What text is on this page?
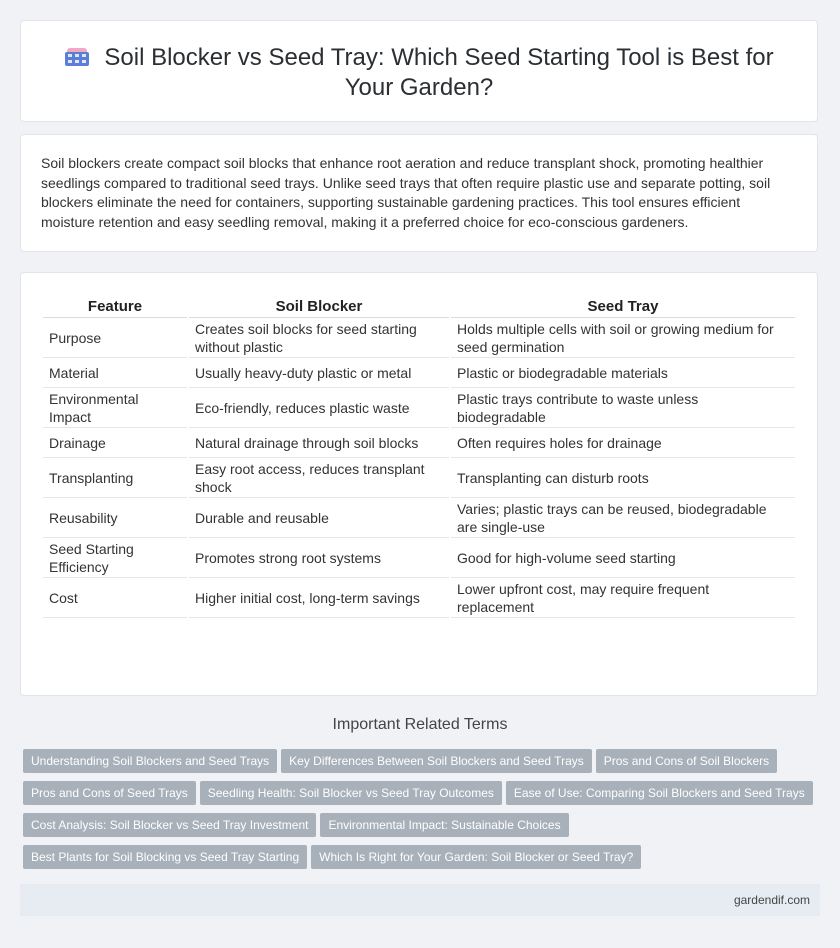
Soil Blocker vs Seed Tray: Which Seed Starting Tool is Best for Your Garden?

Soil blockers create compact soil blocks that enhance root aeration and reduce transplant shock, promoting healthier seedlings compared to traditional seed trays. Unlike seed trays that often require plastic use and separate potting, soil blockers eliminate the need for containers, supporting sustainable gardening practices. This tool ensures efficient moisture retention and easy seedling removal, making it a preferred choice for eco-conscious gardeners.

Feature	Soil Blocker	Seed Tray
Purpose	Creates soil blocks for seed starting without plastic	Holds multiple cells with soil or growing medium for seed germination
Material	Usually heavy-duty plastic or metal	Plastic or biodegradable materials
Environmental Impact	Eco-friendly, reduces plastic waste	Plastic trays contribute to waste unless biodegradable
Drainage	Natural drainage through soil blocks	Often requires holes for drainage
Transplanting	Easy root access, reduces transplant shock	Transplanting can disturb roots
Reusability	Durable and reusable	Varies; plastic trays can be reused, biodegradable are single-use
Seed Starting Efficiency	Promotes strong root systems	Good for high-volume seed starting
Cost	Higher initial cost, long-term savings	Lower upfront cost, may require frequent replacement
Important Related Terms
Understanding Soil Blockers and Seed Trays Key Differences Between Soil Blockers and Seed Trays Pros and Cons of Soil Blockers
Pros and Cons of Seed Trays Seedling Health: Soil Blocker vs Seed Tray Outcomes Ease of Use: Comparing Soil Blockers and Seed Trays
Cost Analysis: Soil Blocker vs Seed Tray Investment Environmental Impact: Sustainable Choices
Best Plants for Soil Blocking vs Seed Tray Starting Which Is Right for Your Garden: Soil Blocker or Seed Tray?
gardendif.com
